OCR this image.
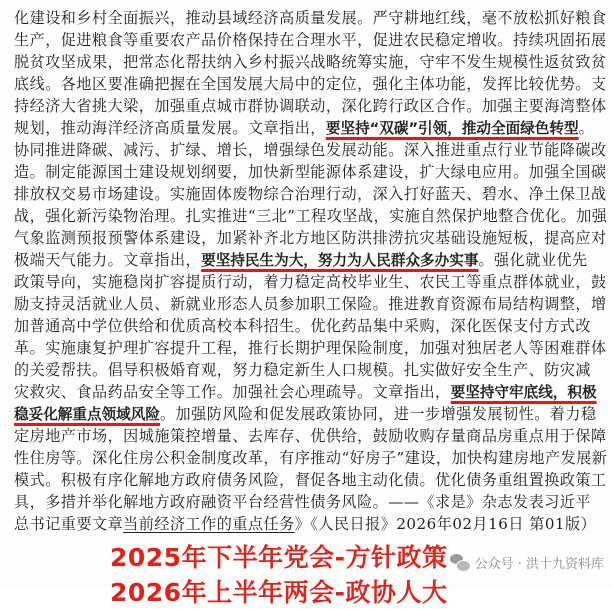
化建设和乡村全面振兴，推动县域经济高质量发展。严守耕地红线，毫不放松抓好粮食
生产，促进粮食等重要农产品价格保持在合理水平，促进农民稳定增收。持续巩固拓展
脱贫攻坚成果，把常态化帮扶纳入乡村振兴战略统筹实施，守牢不发生规模性返贫致贫
底线。各地区要准确把握在全国发展大局中的定位，强化主体功能，发挥比较优势。支
持经济大省挑大梁，加强重点城市群协调联动，深化跨行政区合作。加强主要海湾整体
规划，推动海洋经济高质量发展。文章指出，要坚持“双碳”引领，推动全面绿色转型。
协同推进降碳、减污、扩绿、增长，增强绿色发展动能。深入推进重点行业节能降碳改
造。制定能源国土建设规划纲要，加快新型能源体系建设，扩大绿电应用。加强全国碳
排放权交易市场建设。实施固体废物综合治理行动，深入打好蓝天、碧水、净土保卫战
战，强化新污染物治理。扎实推进“三北”工程攻坚战，实施自然保护地整合优化。加强
气象监测预报预警体系建设，加紧补齐北方地区防洪排涝抗灾基础设施短板，提高应对
极端天气能力。文章指出，要坚持民生为大，努力为人民群众多办实事。强化就业优先
政策导向，实施稳岗扩容提质行动，着力稳定高校毕业生、农民工等重点群体就业，鼓
励支持灵活就业人员、新就业形态人员参加职工保险。推进教育资源布局结构调整，增
加普通高中学位供给和优质高校本科招生。优化药品集中采购，深化医保支付方式改
革。实施康复护理扩容提升工程，推行长期护理保险制度，加强对独居老人等困难群体
的关爱帮扶。倡导积极婚育观，努力稳定新生人口规模。扎实做好安全生产、防灾减
灾救灾、食品药品安全等工作。加强社会心理疏导。文章指出，要坚持守牢底线，积极
稳妥化解重点领域风险。加强防风险和促发展政策协同，进一步增强发展韧性。着力稳
定房地产市场，因城施策控增量、去库存、优供给，鼓励收购存量商品房重点用于保障
性住房等。深化住房公积金制度改革，有序推动“好房子”建设，加快构建房地产发展新
模式。积极有序化解地方政府债务风险，督促各地主动化债。优化债务重组置换政策工
具，多措并举化解地方政府融资平台经营性债务风险。——《求是》杂志发表习近平
总书记重要文章当前经济工作的重点任务》《人民日报》2026年02月16日 第01版）
2025年下半年党会-方针政策
2026年上半年两会-政协人大
公众号 · 洪十九资料库
